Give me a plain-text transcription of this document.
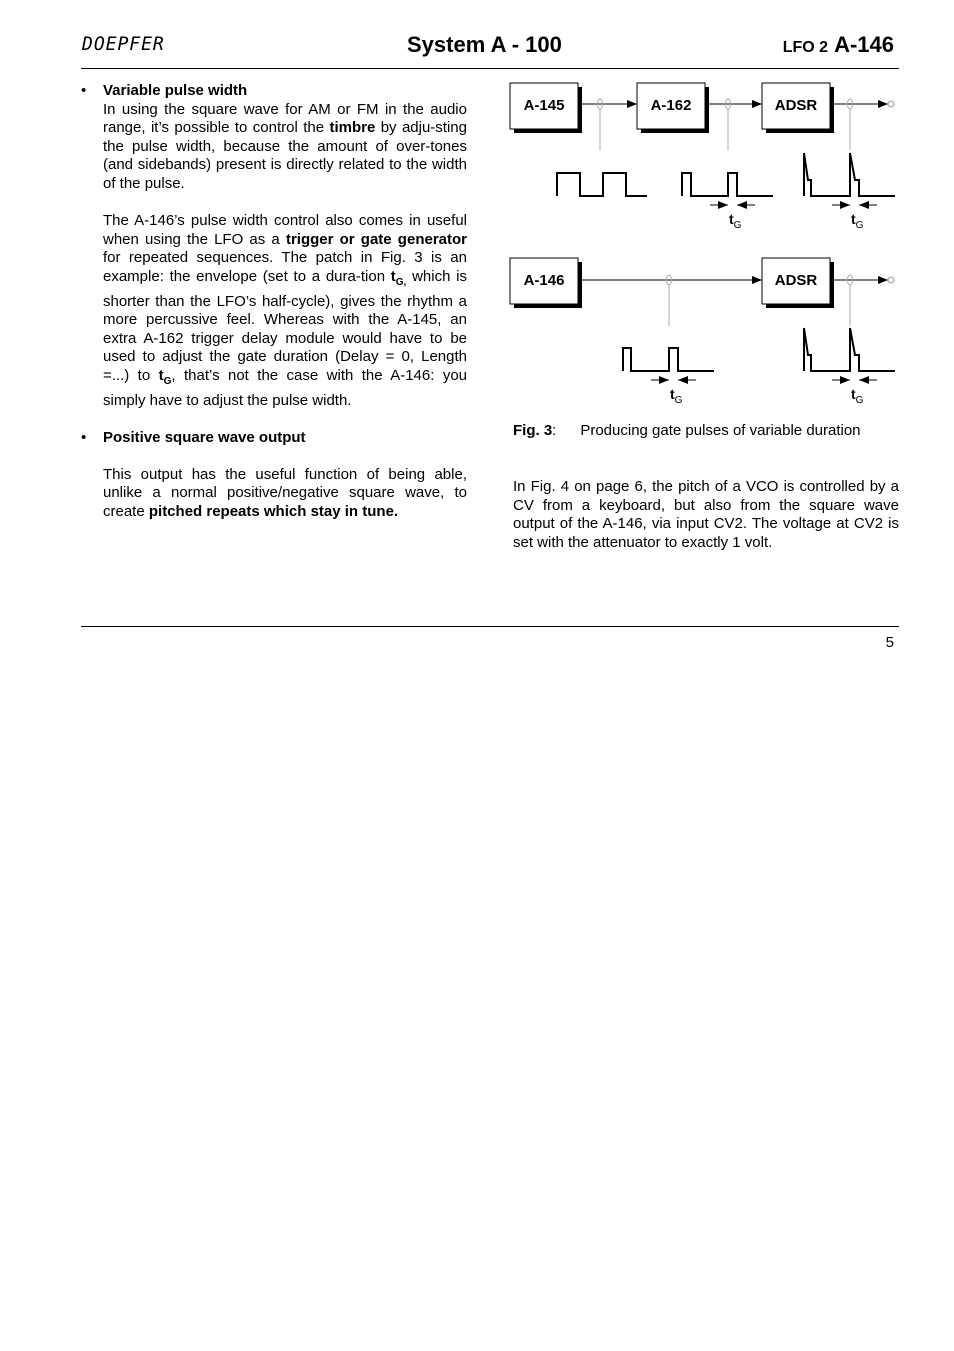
DOEPFER	System A - 100	LFO 2 A-146
• Variable pulse width

In using the square wave for AM or FM in the audio range, it’s possible to control the timbre by adju-sting the pulse width, because the amount of over-tones (and sidebands) present is directly related to the width of the pulse.

The A-146’s pulse width control also comes in useful when using the LFO as a trigger or gate generator for repeated sequences. The patch in Fig. 3 is an example: the envelope (set to a dura-tion $t_{G,}$ which is shorter than the LFO’s half-cycle), gives the rhythm a more percussive feel. Whereas with the A-145, an extra A-162 trigger delay module would have to be used to adjust the gate duration (Delay = 0, Length =...) to $t_G$, that’s not the case with the A-146: you simply have to adjust the pulse width.

• Positive square wave output

This output has the useful function of being able, unlike a normal positive/negative square wave, to create pitched repeats which stay in tune.

A-145	A-162	ADSR
$t_G$	$t_G$
A-146	ADSR
$t_G$	$t_G$
Fig. 3: Producing gate pulses of variable duration
In Fig. 4 on page 6, the pitch of a VCO is controlled by a CV from a keyboard, but also from the square wave output of the A-146, via input CV2. The voltage at CV2 is set with the attenuator to exactly 1 volt.
5
